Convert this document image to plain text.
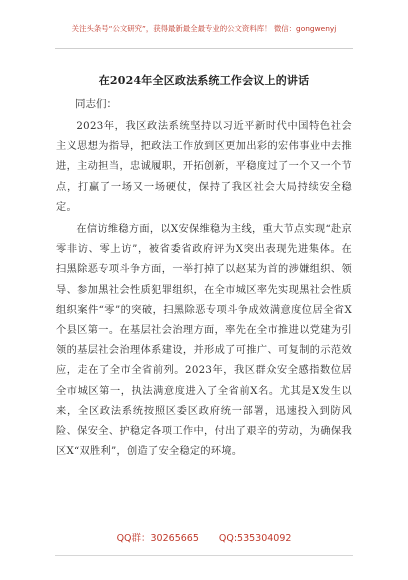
关注头条号“公文研究”，获得最新最全最专业的公文资料库！ 微信：gongwenyj
在2024年全区政法系统工作会议上的讲话
同志们：

2023年，我区政法系统坚持以习近平新时代中国特色社会主义思想为指导，把政法工作放到区更加出彩的宏伟事业中去推进，主动担当，忠诚履职，开拓创新，平稳度过了一个又一个节点，打赢了一场又一场硬仗，保持了我区社会大局持续安全稳定。

在信访维稳方面，以X安保维稳为主线，重大节点实现“赴京零非访、零上访”，被省委省政府评为X突出表现先进集体。在扫黑除恶专项斗争方面，一举打掉了以赵某为首的涉嫌组织、领导、参加黑社会性质犯罪组织，在全市城区率先实现黑社会性质组织案件“零”的突破，扫黑除恶专项斗争成效满意度位居全省X个县区第一。在基层社会治理方面，率先在全市推进以党建为引领的基层社会治理体系建设，并形成了可推广、可复制的示范效应，走在了全市全省前列。2023年，我区群众安全感指数位居全市城区第一，执法满意度进入了全省前X名。尤其是X发生以来，全区政法系统按照区委区政府统一部署，迅速投入到防风险、保安全、护稳定各项工作中，付出了艰辛的劳动，为确保我区X“双胜利”，创造了安全稳定的环境。

QQ群：30265665 QQ:535304092
